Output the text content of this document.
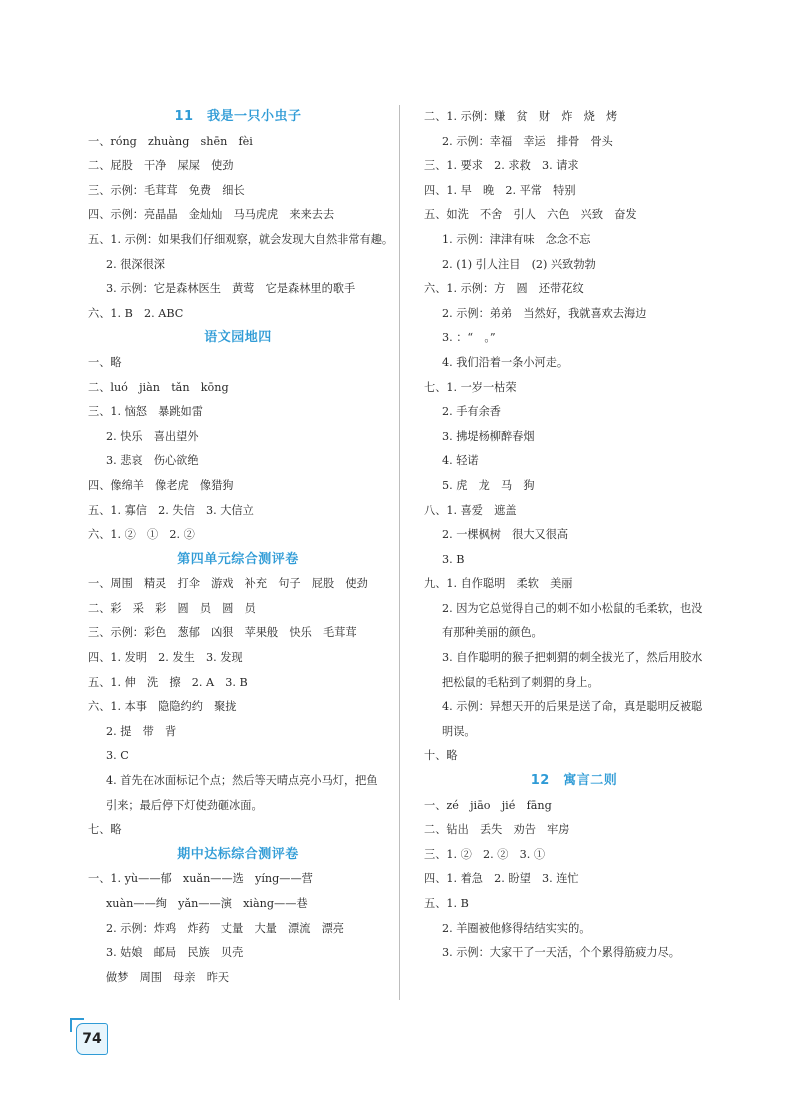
11　我是一只小虫子
一、róng　zhuàng　shēn　fèi
二、屁股　干净　屎屎　使劲
三、示例：毛茸茸　免费　细长
四、示例：亮晶晶　金灿灿　马马虎虎　来来去去
五、1. 示例：如果我们仔细观察，就会发现大自然非常有趣。
2. 很深很深
3. 示例：它是森林医生　黄莺　它是森林里的歌手
六、1. B　2. ABC
语文园地四
一、略
二、luó　jiàn　tǎn　kōng
三、1. 恼怒　暴跳如雷
2. 快乐　喜出望外
3. 悲哀　伤心欲绝
四、像绵羊　像老虎　像猎狗
五、1. 寡信　2. 失信　3. 大信立
六、1. ②　①　2. ②
第四单元综合测评卷
一、周围　精灵　打伞　游戏　补充　句子　屁股　使劲
二、彩　采　彩　圆　员　圆　员
三、示例：彩色　葱郁　凶狠　苹果般　快乐　毛茸茸
四、1. 发明　2. 发生　3. 发现
五、1. 伸　洗　擦　2. A　3. B
六、1. 本事　隐隐约约　聚拢
2. 提　带　背
3. C
4. 首先在冰面标记个点；然后等天晴点亮小马灯，把鱼
引来；最后停下灯使劲砸冰面。
七、略
期中达标综合测评卷
一、1. yù——郁　xuǎn——选　yíng——营
xuàn——绚　yǎn——演　xiàng——巷
2. 示例：炸鸡　炸药　丈量　大量　漂流　漂亮
3. 姑娘　邮局　民族　贝壳
做梦　周围　母亲　昨天
二、1. 示例：赚　贫　财　炸　烧　烤
2. 示例：幸福　幸运　排骨　骨头
三、1. 要求　2. 求救　3. 请求
四、1. 早　晚　2. 平常　特别
五、如洗　不舍　引人　六色　兴致　奋发
1. 示例：津津有味　念念不忘
2. (1) 引人注目　(2) 兴致勃勃
六、1. 示例：方　圆　还带花纹
2. 示例：弟弟　当然好，我就喜欢去海边
3. ：“　。”
4. 我们沿着一条小河走。
七、1. 一岁一枯荣
2. 手有余香
3. 拂堤杨柳醉春烟
4. 轻诺
5. 虎　龙　马　狗
八、1. 喜爱　遮盖
2. 一棵枫树　很大又很高
3. B
九、1. 自作聪明　柔软　美丽
2. 因为它总觉得自己的刺不如小松鼠的毛柔软，也没
有那种美丽的颜色。
3. 自作聪明的猴子把刺猬的刺全拔光了，然后用胶水
把松鼠的毛粘到了刺猬的身上。
4. 示例：异想天开的后果是送了命，真是聪明反被聪
明误。
十、略
12　寓言二则
一、zé　jiāo　jié　fāng
二、钻出　丢失　劝告　牢房
三、1. ②　2. ②　3. ①
四、1. 着急　2. 盼望　3. 连忙
五、1. B
2. 羊圈被他修得结结实实的。
3. 示例：大家干了一天活，个个累得筋疲力尽。
74
